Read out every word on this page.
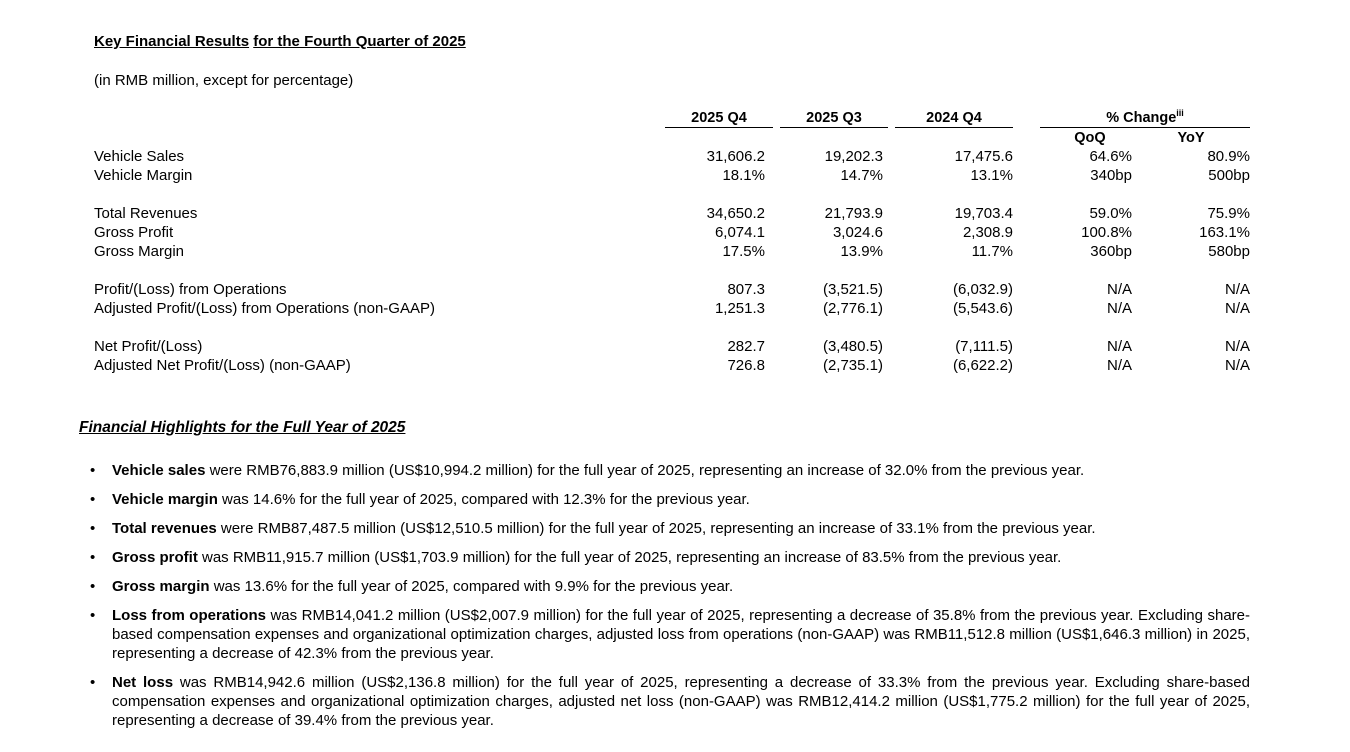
Key Financial Results for the Fourth Quarter of 2025
(in RMB million, except for percentage)
2025 Q4	2025 Q3	2024 Q4	% Change$^{iii}$
QoQ	YoY
Vehicle Sales	31,606.2	19,202.3	17,475.6	64.6%	80.9%
Vehicle Margin	18.1%	14.7%	13.1%	340bp	500bp
Total Revenues	34,650.2	21,793.9	19,703.4	59.0%	75.9%
Gross Profit	6,074.1	3,024.6	2,308.9	100.8%	163.1%
Gross Margin	17.5%	13.9%	11.7%	360bp	580bp
Profit/(Loss) from Operations	807.3	(3,521.5)	(6,032.9)	N/A	N/A
Adjusted Profit/(Loss) from Operations (non-GAAP)	1,251.3	(2,776.1)	(5,543.6)	N/A	N/A
Net Profit/(Loss)	282.7	(3,480.5)	(7,111.5)	N/A	N/A
Adjusted Net Profit/(Loss) (non-GAAP)	726.8	(2,735.1)	(6,622.2)	N/A	N/A
Financial Highlights for the Full Year of 2025
• Vehicle sales were RMB76,883.9 million (US$10,994.2 million) for the full year of 2025, representing an increase of 32.0% from the previous year.
• Vehicle margin was 14.6% for the full year of 2025, compared with 12.3% for the previous year.
• Total revenues were RMB87,487.5 million (US$12,510.5 million) for the full year of 2025, representing an increase of 33.1% from the previous year.
• Gross profit was RMB11,915.7 million (US$1,703.9 million) for the full year of 2025, representing an increase of 83.5% from the previous year.
• Gross margin was 13.6% for the full year of 2025, compared with 9.9% for the previous year.
• Loss from operations was RMB14,041.2 million (US$2,007.9 million) for the full year of 2025, representing a decrease of 35.8% from the previous year. Excluding share-based compensation expenses and organizational optimization charges, adjusted loss from operations (non-GAAP) was RMB11,512.8 million (US$1,646.3 million) in 2025, representing a decrease of 42.3% from the previous year.
• Net loss was RMB14,942.6 million (US$2,136.8 million) for the full year of 2025, representing a decrease of 33.3% from the previous year. Excluding share-based compensation expenses and organizational optimization charges, adjusted net loss (non-GAAP) was RMB12,414.2 million (US$1,775.2 million) for the full year of 2025, representing a decrease of 39.4% from the previous year.
